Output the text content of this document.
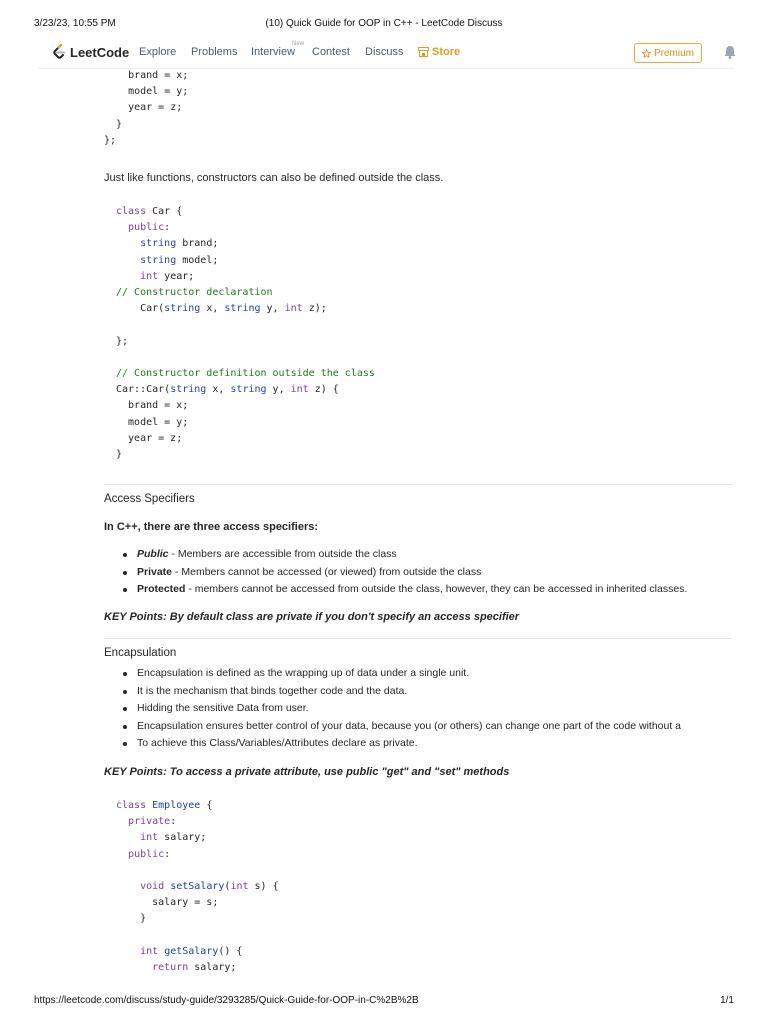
3/23/23, 10:55 PM	(10) Quick Guide for OOP in C++ - LeetCode Discuss
LeetCode Explore Problems Interview
New
Contest Discuss	Store	Premium
brand = x;
model = y;
year = z;
}
};
Just like functions, constructors can also be defined outside the class.
class Car {
public:
string brand;
string model;
int year;
// Constructor declaration
Car(string x, string y, int z);

};

// Constructor definition outside the class
Car::Car(string x, string y, int z) {
brand = x;
model = y;
year = z;
}
Access Specifiers
In C++, there are three access specifiers:
Public - Members are accessible from outside the class
Private - Members cannot be accessed (or viewed) from outside the class
Protected - members cannot be accessed from outside the class, however, they can be accessed in inherited classes.
KEY Points: By default class are private if you don't specify an access specifier
Encapsulation
Encapsulation is defined as the wrapping up of data under a single unit.
It is the mechanism that binds together code and the data.
Hidding the sensitive Data from user.
Encapsulation ensures better control of your data, because you (or others) can change one part of the code without a
To achieve this Class/Variables/Attributes declare as private.
KEY Points: To access a private attribute, use public "get" and "set" methods
class Employee {
private:
int salary;
public:

void setSalary(int s) {
salary = s;
}

int getSalary() {
return salary;
https://leetcode.com/discuss/study-guide/3293285/Quick-Guide-for-OOP-in-C%2B%2B	1/1
